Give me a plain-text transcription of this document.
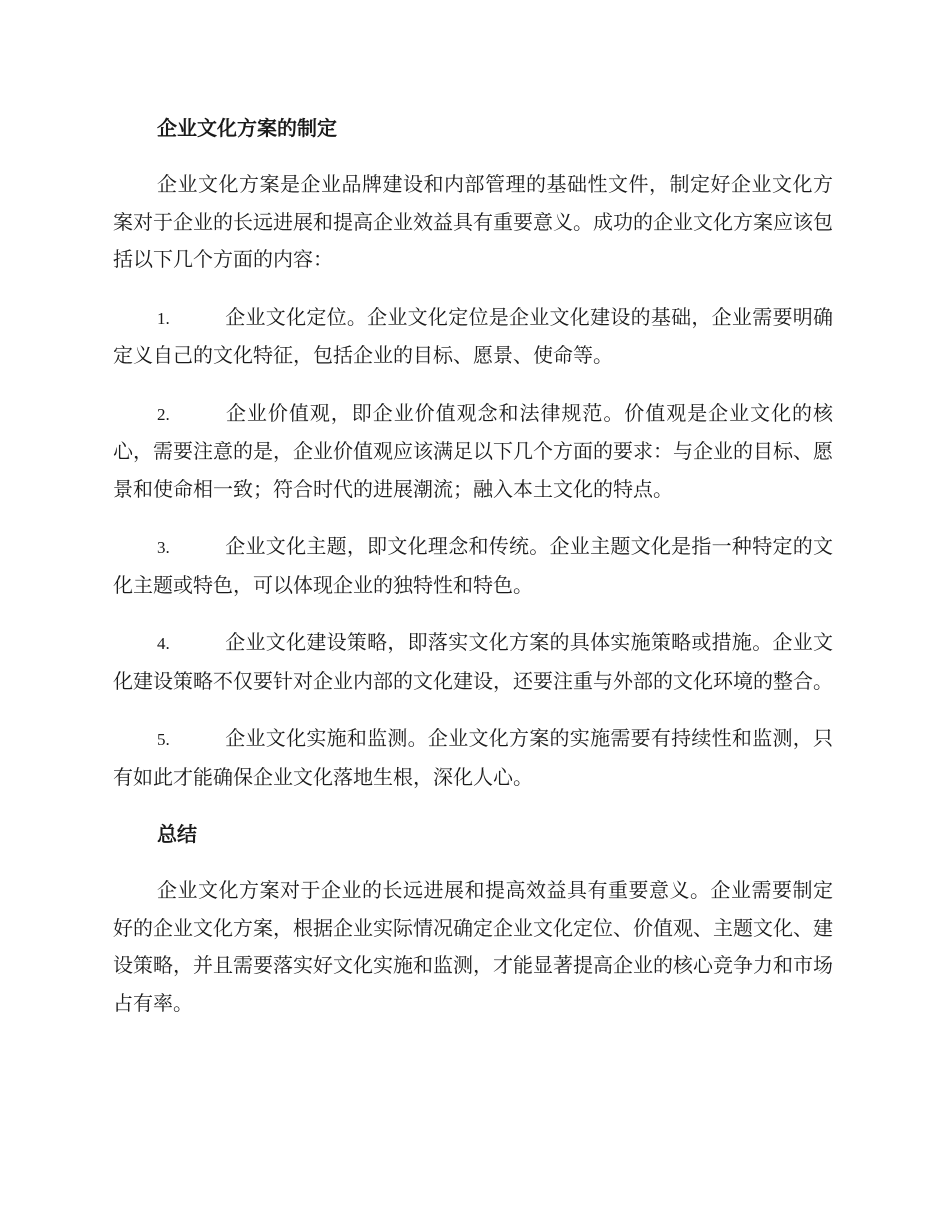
企业文化方案的制定
企业文化方案是企业品牌建设和内部管理的基础性文件，制定好企业文化方案对于企业的长远进展和提高企业效益具有重要意义。成功的企业文化方案应该包括以下几个方面的内容：
1.	企业文化定位。企业文化定位是企业文化建设的基础，企业需要明确定义自己的文化特征，包括企业的目标、愿景、使命等。
2.	企业价值观，即企业价值观念和法律规范。价值观是企业文化的核心，需要注意的是，企业价值观应该满足以下几个方面的要求：与企业的目标、愿景和使命相一致；符合时代的进展潮流；融入本土文化的特点。
3.	企业文化主题，即文化理念和传统。企业主题文化是指一种特定的文化主题或特色，可以体现企业的独特性和特色。
4.	企业文化建设策略，即落实文化方案的具体实施策略或措施。企业文化建设策略不仅要针对企业内部的文化建设，还要注重与外部的文化环境的整合。
5.	企业文化实施和监测。企业文化方案的实施需要有持续性和监测，只有如此才能确保企业文化落地生根，深化人心。
总结
企业文化方案对于企业的长远进展和提高效益具有重要意义。企业需要制定好的企业文化方案，根据企业实际情况确定企业文化定位、价值观、主题文化、建设策略，并且需要落实好文化实施和监测，才能显著提高企业的核心竞争力和市场占有率。
